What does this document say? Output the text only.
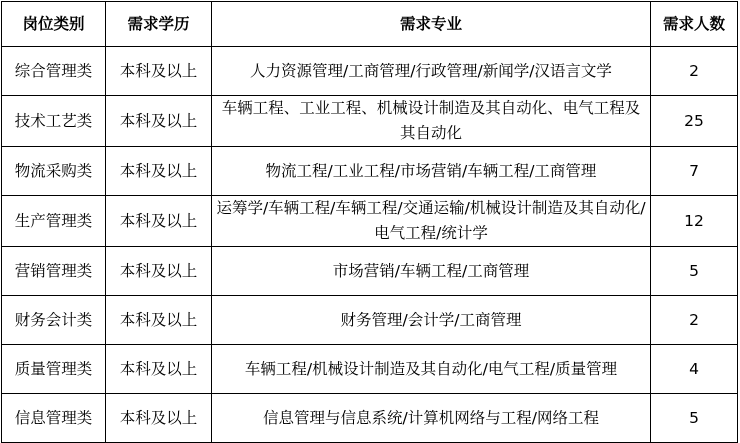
岗位类别	需求学历	需求专业	需求人数
综合管理类	本科及以上	人力资源管理/工商管理/行政管理/新闻学/汉语言文学	2
技术工艺类	本科及以上	车辆工程、工业工程、机械设计制造及其自动化、电气工程及其自动化	25
物流采购类	本科及以上	物流工程/工业工程/市场营销/车辆工程/工商管理	7
生产管理类	本科及以上	运筹学/车辆工程/车辆工程/交通运输/机械设计制造及其自动化/电气工程/统计学	12
营销管理类	本科及以上	市场营销/车辆工程/工商管理	5
财务会计类	本科及以上	财务管理/会计学/工商管理	2
质量管理类	本科及以上	车辆工程/机械设计制造及其自动化/电气工程/质量管理	4
信息管理类	本科及以上	信息管理与信息系统/计算机网络与工程/网络工程	5
